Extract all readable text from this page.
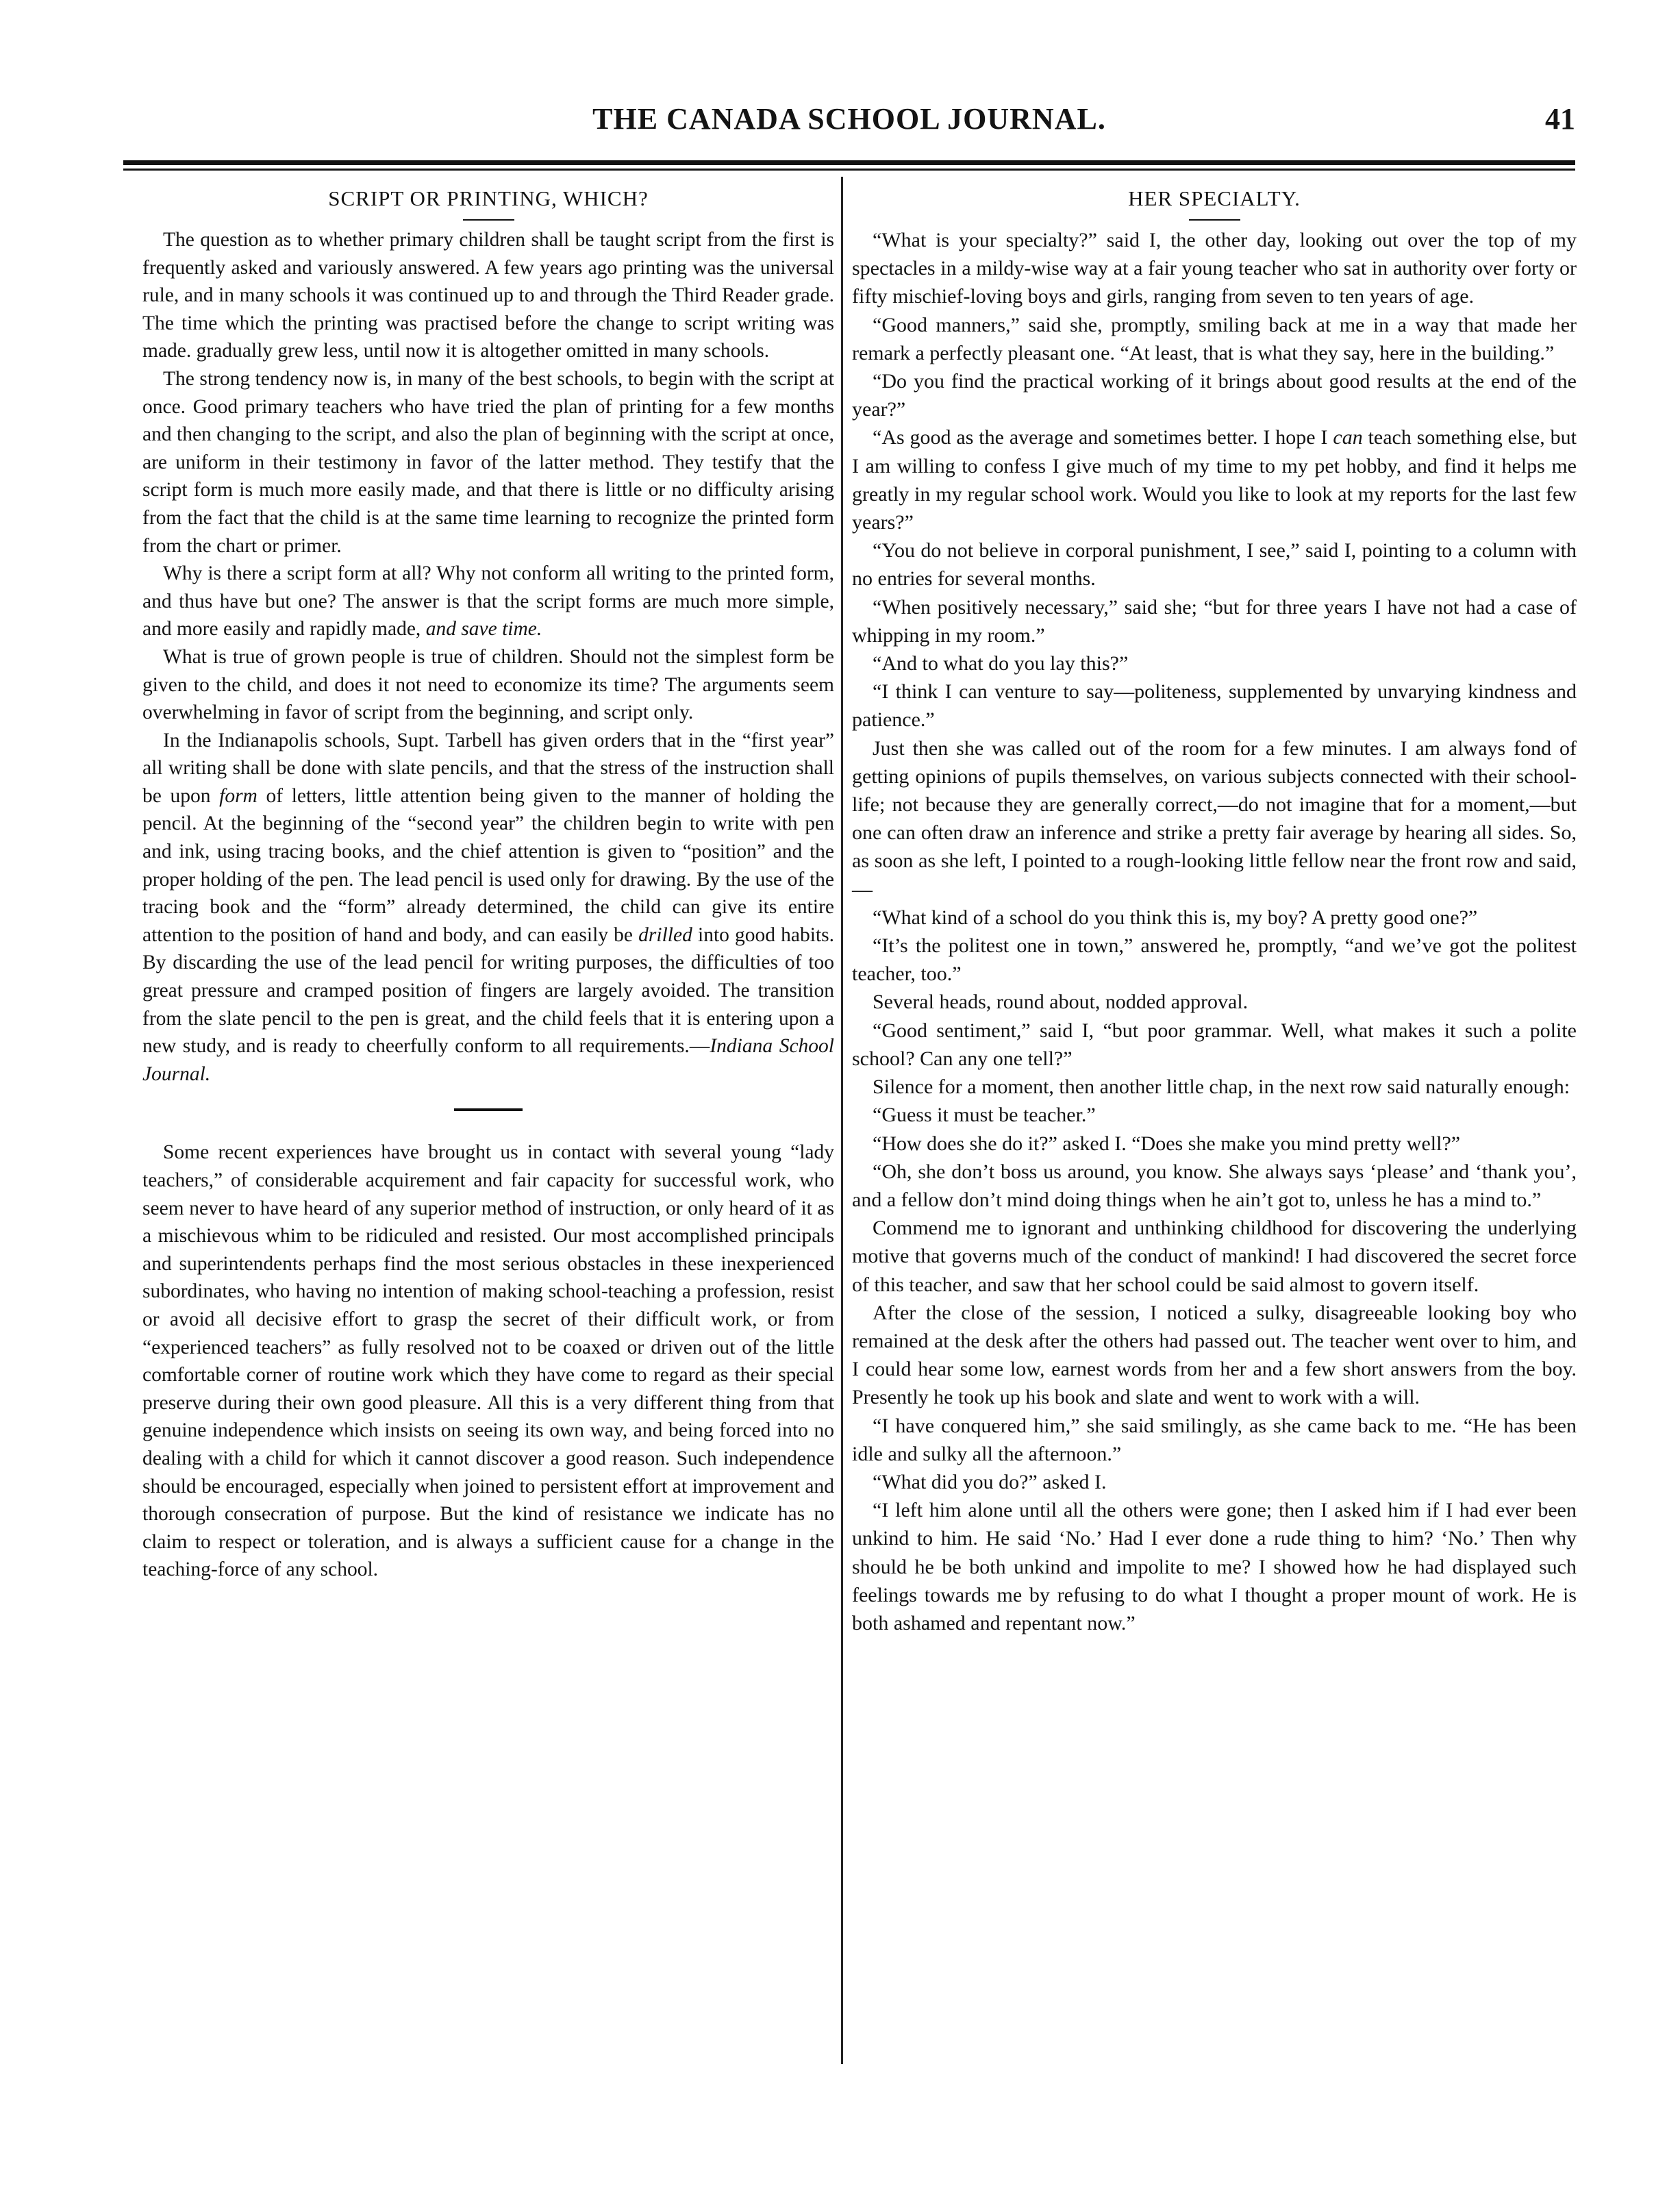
THE CANADA SCHOOL JOURNAL.	41
SCRIPT OR PRINTING, WHICH?

The question as to whether primary children shall be taught script from the first is frequently asked and variously answered. A few years ago printing was the universal rule, and in many schools it was continued up to and through the Third Reader grade. The time which the printing was practised before the change to script writing was made. gradually grew less, until now it is altogether omitted in many schools.

The strong tendency now is, in many of the best schools, to begin with the script at once. Good primary teachers who have tried the plan of printing for a few months and then changing to the script, and also the plan of beginning with the script at once, are uniform in their testimony in favor of the latter method. They testify that the script form is much more easily made, and that there is little or no difficulty arising from the fact that the child is at the same time learning to recognize the printed form from the chart or primer.

Why is there a script form at all? Why not conform all writing to the printed form, and thus have but one? The answer is that the script forms are much more simple, and more easily and rapidly made, and save time.

What is true of grown people is true of children. Should not the simplest form be given to the child, and does it not need to economize its time? The arguments seem overwhelming in favor of script from the beginning, and script only.

In the Indianapolis schools, Supt. Tarbell has given orders that in the “first year” all writing shall be done with slate pencils, and that the stress of the instruction shall be upon form of letters, little attention being given to the manner of holding the pencil. At the beginning of the “second year” the children begin to write with pen and ink, using tracing books, and the chief attention is given to “position” and the proper holding of the pen. The lead pencil is used only for drawing. By the use of the tracing book and the “form” already determined, the child can give its entire attention to the position of hand and body, and can easily be drilled into good habits. By discarding the use of the lead pencil for writing purposes, the difficulties of too great pressure and cramped position of fingers are largely avoided. The transition from the slate pencil to the pen is great, and the child feels that it is entering upon a new study, and is ready to cheerfully conform to all requirements.—Indiana School Journal.

Some recent experiences have brought us in contact with several young “lady teachers,” of considerable acquirement and fair capacity for successful work, who seem never to have heard of any superior method of instruction, or only heard of it as a mischievous whim to be ridiculed and resisted. Our most accomplished principals and superintendents perhaps find the most serious obstacles in these inexperienced subordinates, who having no intention of making school-teaching a profession, resist or avoid all decisive effort to grasp the secret of their difficult work, or from “experienced teachers” as fully resolved not to be coaxed or driven out of the little comfortable corner of routine work which they have come to regard as their special preserve during their own good pleasure. All this is a very different thing from that genuine independence which insists on seeing its own way, and being forced into no dealing with a child for which it cannot discover a good reason. Such independence should be encouraged, especially when joined to persistent effort at improvement and thorough consecration of purpose. But the kind of resistance we indicate has no claim to respect or toleration, and is always a sufficient cause for a change in the teaching-force of any school.

HER SPECIALTY.

“What is your specialty?” said I, the other day, looking out over the top of my spectacles in a mildy-wise way at a fair young teacher who sat in authority over forty or fifty mischief-loving boys and girls, ranging from seven to ten years of age.

“Good manners,” said she, promptly, smiling back at me in a way that made her remark a perfectly pleasant one. “At least, that is what they say, here in the building.”

“Do you find the practical working of it brings about good results at the end of the year?”

“As good as the average and sometimes better. I hope I can teach something else, but I am willing to confess I give much of my time to my pet hobby, and find it helps me greatly in my regular school work. Would you like to look at my reports for the last few years?”

“You do not believe in corporal punishment, I see,” said I, pointing to a column with no entries for several months.

“When positively necessary,” said she; “but for three years I have not had a case of whipping in my room.”

“And to what do you lay this?”

“I think I can venture to say—politeness, supplemented by unvarying kindness and patience.”

Just then she was called out of the room for a few minutes. I am always fond of getting opinions of pupils themselves, on various subjects connected with their school-life; not because they are generally correct,—do not imagine that for a moment,—but one can often draw an inference and strike a pretty fair average by hearing all sides. So, as soon as she left, I pointed to a rough-looking little fellow near the front row and said,—

“What kind of a school do you think this is, my boy? A pretty good one?”

“It’s the politest one in town,” answered he, promptly, “and we’ve got the politest teacher, too.”

Several heads, round about, nodded approval.

“Good sentiment,” said I, “but poor grammar. Well, what makes it such a polite school? Can any one tell?”

Silence for a moment, then another little chap, in the next row said naturally enough:

“Guess it must be teacher.”

“How does she do it?” asked I. “Does she make you mind pretty well?”

“Oh, she don’t boss us around, you know. She always says ‘please’ and ‘thank you’, and a fellow don’t mind doing things when he ain’t got to, unless he has a mind to.”

Commend me to ignorant and unthinking childhood for discovering the underlying motive that governs much of the conduct of mankind! I had discovered the secret force of this teacher, and saw that her school could be said almost to govern itself.

After the close of the session, I noticed a sulky, disagreeable looking boy who remained at the desk after the others had passed out. The teacher went over to him, and I could hear some low, earnest words from her and a few short answers from the boy. Presently he took up his book and slate and went to work with a will.

“I have conquered him,” she said smilingly, as she came back to me. “He has been idle and sulky all the afternoon.”

“What did you do?” asked I.

“I left him alone until all the others were gone; then I asked him if I had ever been unkind to him. He said ‘No.’ Had I ever done a rude thing to him? ‘No.’ Then why should he be both unkind and impolite to me? I showed how he had displayed such feelings towards me by refusing to do what I thought a proper mount of work. He is both ashamed and repentant now.”
